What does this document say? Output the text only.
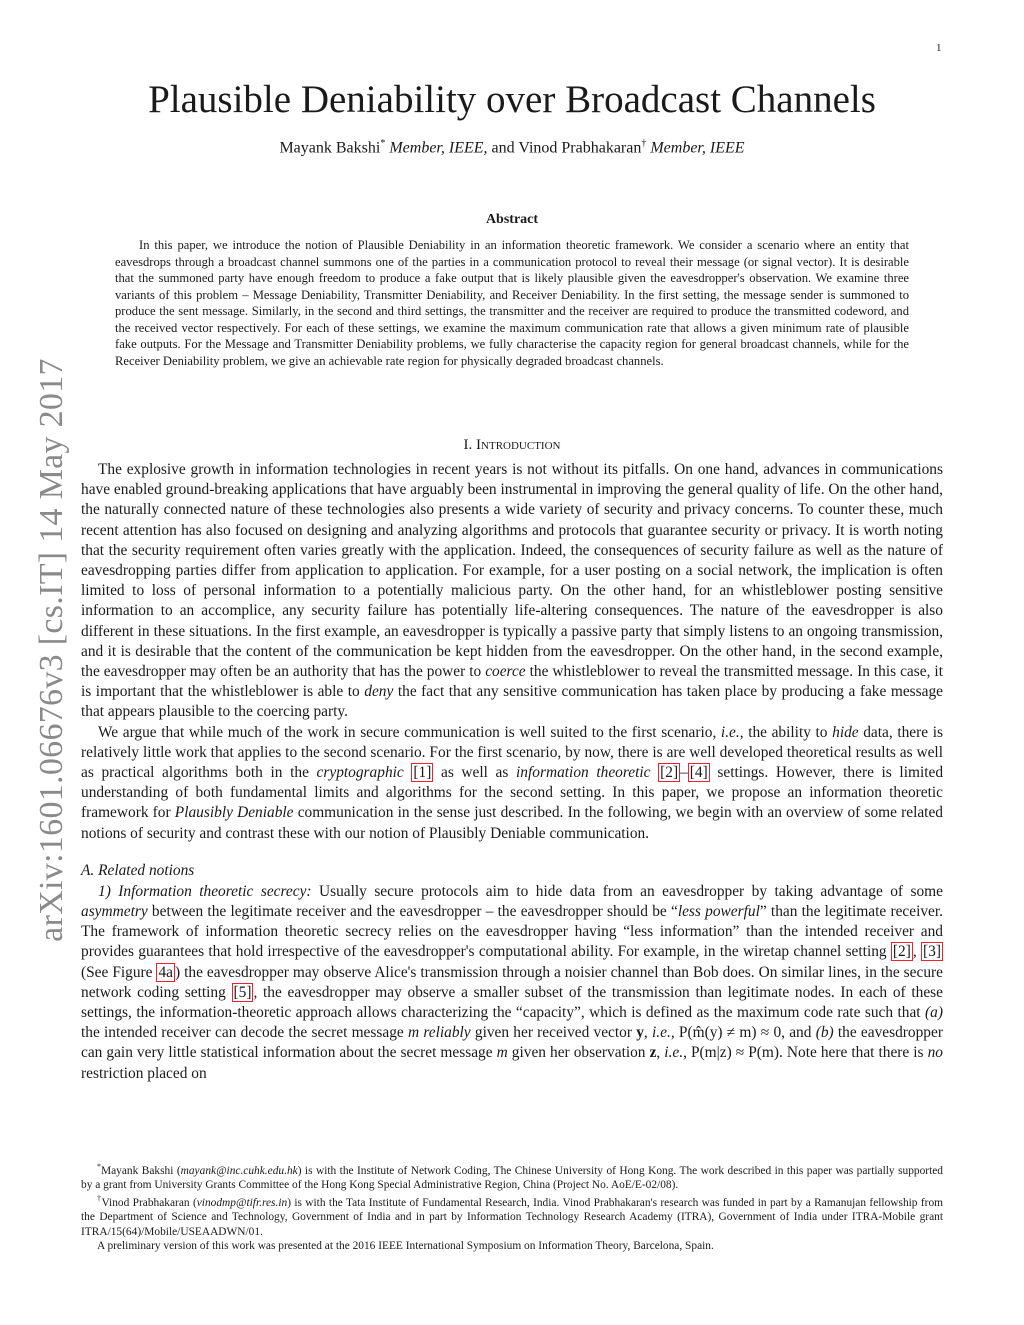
1
arXiv:1601.06676v3 [cs.IT] 14 May 2017
Plausible Deniability over Broadcast Channels
Mayank Bakshi* Member, IEEE, and Vinod Prabhakaran† Member, IEEE
Abstract

In this paper, we introduce the notion of Plausible Deniability in an information theoretic framework. We consider a scenario where an entity that eavesdrops through a broadcast channel summons one of the parties in a communication protocol to reveal their message (or signal vector). It is desirable that the summoned party have enough freedom to produce a fake output that is likely plausible given the eavesdropper's observation. We examine three variants of this problem – Message Deniability, Transmitter Deniability, and Receiver Deniability. In the first setting, the message sender is summoned to produce the sent message. Similarly, in the second and third settings, the transmitter and the receiver are required to produce the transmitted codeword, and the received vector respectively. For each of these settings, we examine the maximum communication rate that allows a given minimum rate of plausible fake outputs. For the Message and Transmitter Deniability problems, we fully characterise the capacity region for general broadcast channels, while for the Receiver Deniability problem, we give an achievable rate region for physically degraded broadcast channels.

I. Introduction

The explosive growth in information technologies in recent years is not without its pitfalls. On one hand, advances in communications have enabled ground-breaking applications that have arguably been instrumental in improving the general quality of life. On the other hand, the naturally connected nature of these technologies also presents a wide variety of security and privacy concerns. To counter these, much recent attention has also focused on designing and analyzing algorithms and protocols that guarantee security or privacy. It is worth noting that the security requirement often varies greatly with the application. Indeed, the consequences of security failure as well as the nature of eavesdropping parties differ from application to application. For example, for a user posting on a social network, the implication is often limited to loss of personal information to a potentially malicious party. On the other hand, for an whistleblower posting sensitive information to an accomplice, any security failure has potentially life-altering consequences. The nature of the eavesdropper is also different in these situations. In the first example, an eavesdropper is typically a passive party that simply listens to an ongoing transmission, and it is desirable that the content of the communication be kept hidden from the eavesdropper. On the other hand, in the second example, the eavesdropper may often be an authority that has the power to coerce the whistleblower to reveal the transmitted message. In this case, it is important that the whistleblower is able to deny the fact that any sensitive communication has taken place by producing a fake message that appears plausible to the coercing party.

We argue that while much of the work in secure communication is well suited to the first scenario, i.e., the ability to hide data, there is relatively little work that applies to the second scenario. For the first scenario, by now, there is are well developed theoretical results as well as practical algorithms both in the cryptographic [1] as well as information theoretic [2] – [4] settings. However, there is limited understanding of both fundamental limits and algorithms for the second setting. In this paper, we propose an information theoretic framework for Plausibly Deniable communication in the sense just described. In the following, we begin with an overview of some related notions of security and contrast these with our notion of Plausibly Deniable communication.

A. Related notions

1) Information theoretic secrecy: Usually secure protocols aim to hide data from an eavesdropper by taking advantage of some asymmetry between the legitimate receiver and the eavesdropper – the eavesdropper should be “less powerful” than the legitimate receiver. The framework of information theoretic secrecy relies on the eavesdropper having “less information” than the intended receiver and provides guarantees that hold irrespective of the eavesdropper's computational ability. For example, in the wiretap channel setting [2] , [3] (See Figure 4a ) the eavesdropper may observe Alice's transmission through a noisier channel than Bob does. On similar lines, in the secure network coding setting [5] , the eavesdropper may observe a smaller subset of the transmission than legitimate nodes. In each of these settings, the information-theoretic approach allows characterizing the “capacity”, which is defined as the maximum code rate such that (a) the intended receiver can decode the secret message m reliably given her received vector y, i.e., P(m̂(y) ≠ m) ≈ 0, and (b) the eavesdropper can gain very little statistical information about the secret message m given her observation z, i.e., P(m|z) ≈ P(m). Note here that there is no restriction placed on

*Mayank Bakshi (mayank@inc.cuhk.edu.hk) is with the Institute of Network Coding, The Chinese University of Hong Kong. The work described in this paper was partially supported by a grant from University Grants Committee of the Hong Kong Special Administrative Region, China (Project No. AoE/E-02/08).

†Vinod Prabhakaran (vinodmp@tifr.res.in) is with the Tata Institute of Fundamental Research, India. Vinod Prabhakaran's research was funded in part by a Ramanujan fellowship from the Department of Science and Technology, Government of India and in part by Information Technology Research Academy (ITRA), Government of India under ITRA-Mobile grant ITRA/15(64)/Mobile/USEAADWN/01.

A preliminary version of this work was presented at the 2016 IEEE International Symposium on Information Theory, Barcelona, Spain.
